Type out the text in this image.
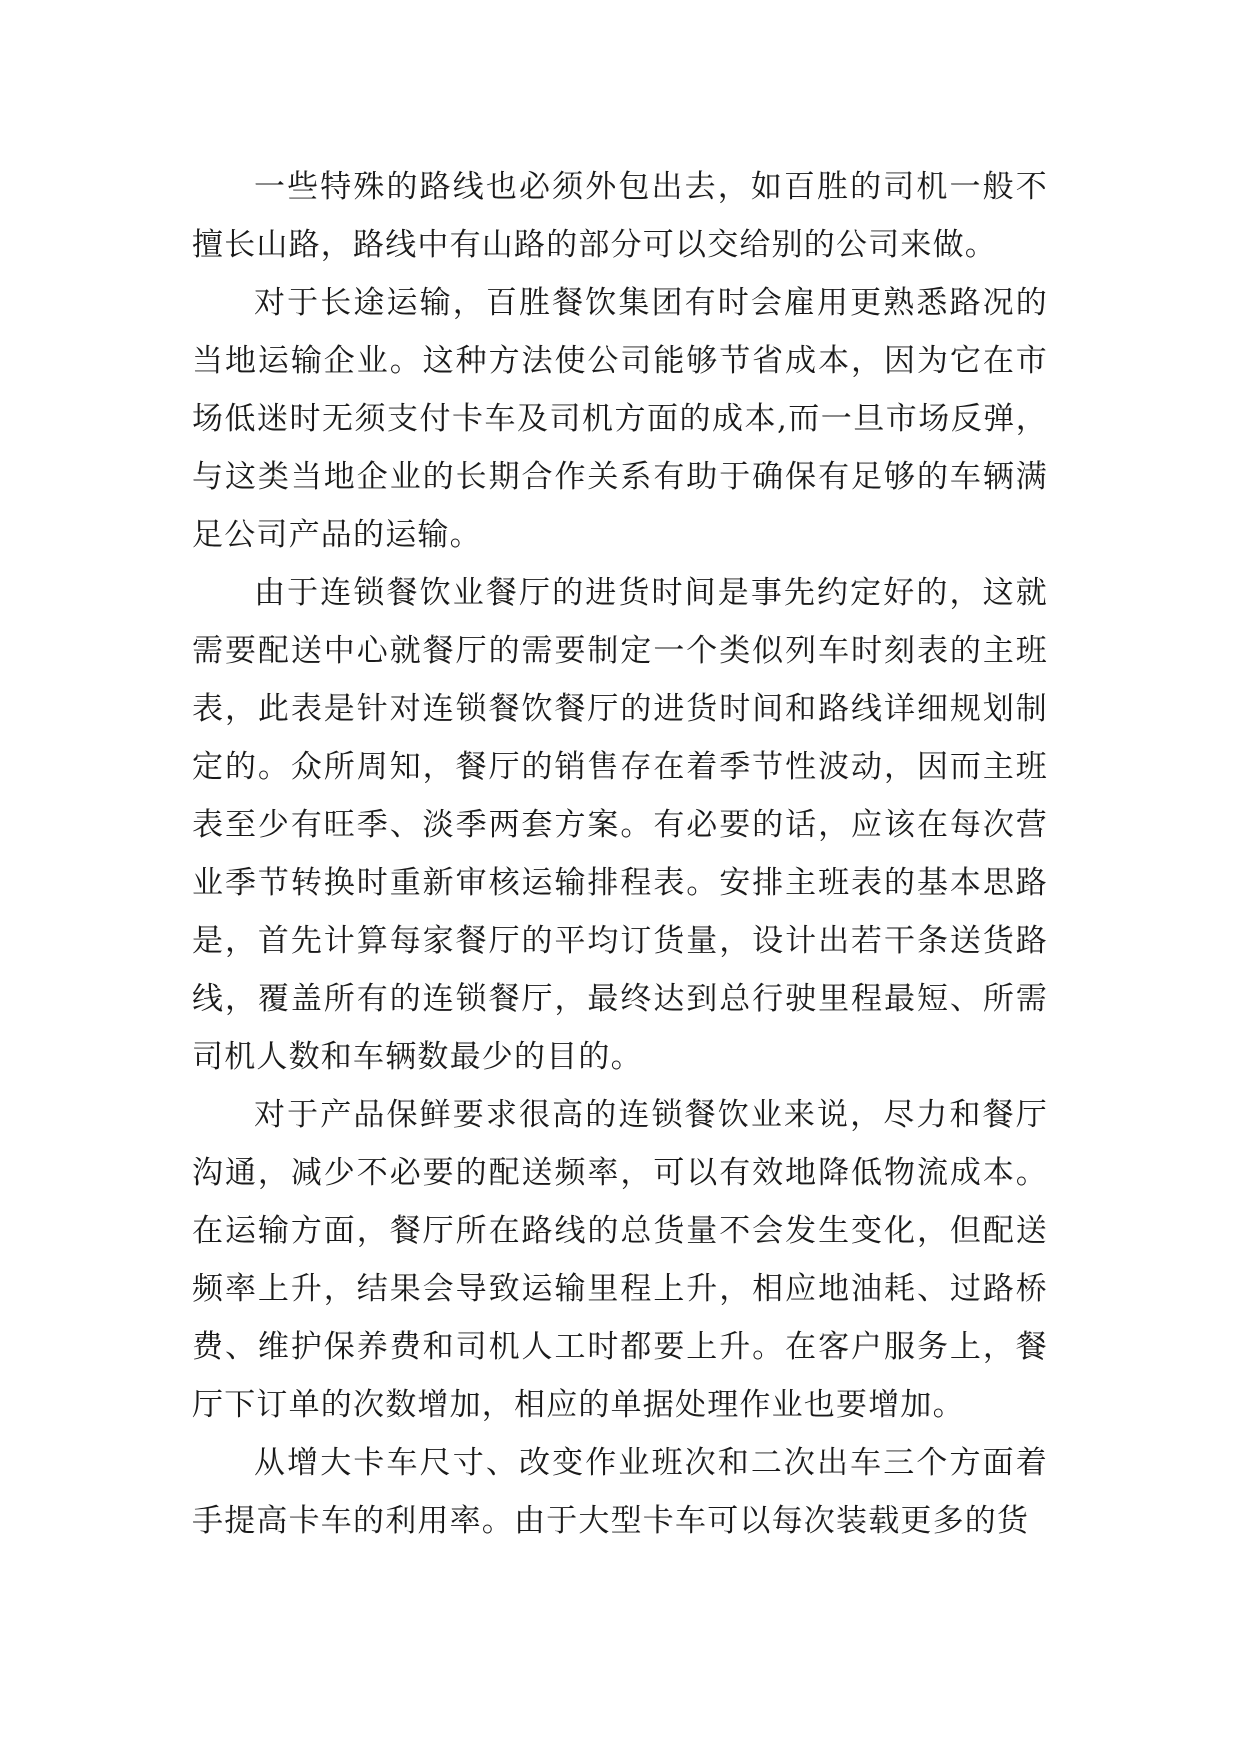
一些特殊的路线也必须外包出去，如百胜的司机一般不擅长山路，路线中有山路的部分可以交给别的公司来做。

对于长途运输，百胜餐饮集团有时会雇用更熟悉路况的当地运输企业。这种方法使公司能够节省成本，因为它在市场低迷时无须支付卡车及司机方面的成本,而一旦市场反弹，与这类当地企业的长期合作关系有助于确保有足够的车辆满足公司产品的运输。

由于连锁餐饮业餐厅的进货时间是事先约定好的，这就需要配送中心就餐厅的需要制定一个类似列车时刻表的主班表，此表是针对连锁餐饮餐厅的进货时间和路线详细规划制定的。众所周知，餐厅的销售存在着季节性波动，因而主班表至少有旺季、淡季两套方案。有必要的话，应该在每次营业季节转换时重新审核运输排程表。安排主班表的基本思路是，首先计算每家餐厅的平均订货量，设计出若干条送货路线，覆盖所有的连锁餐厅，最终达到总行驶里程最短、所需司机人数和车辆数最少的目的。

对于产品保鲜要求很高的连锁餐饮业来说，尽力和餐厅沟通，减少不必要的配送频率，可以有效地降低物流成本。在运输方面，餐厅所在路线的总货量不会发生变化，但配送频率上升，结果会导致运输里程上升，相应地油耗、过路桥费、维护保养费和司机人工时都要上升。在客户服务上，餐厅下订单的次数增加，相应的单据处理作业也要增加。

从增大卡车尺寸、改变作业班次和二次出车三个方面着手提高卡车的利用率。由于大型卡车可以每次装载更多的货
